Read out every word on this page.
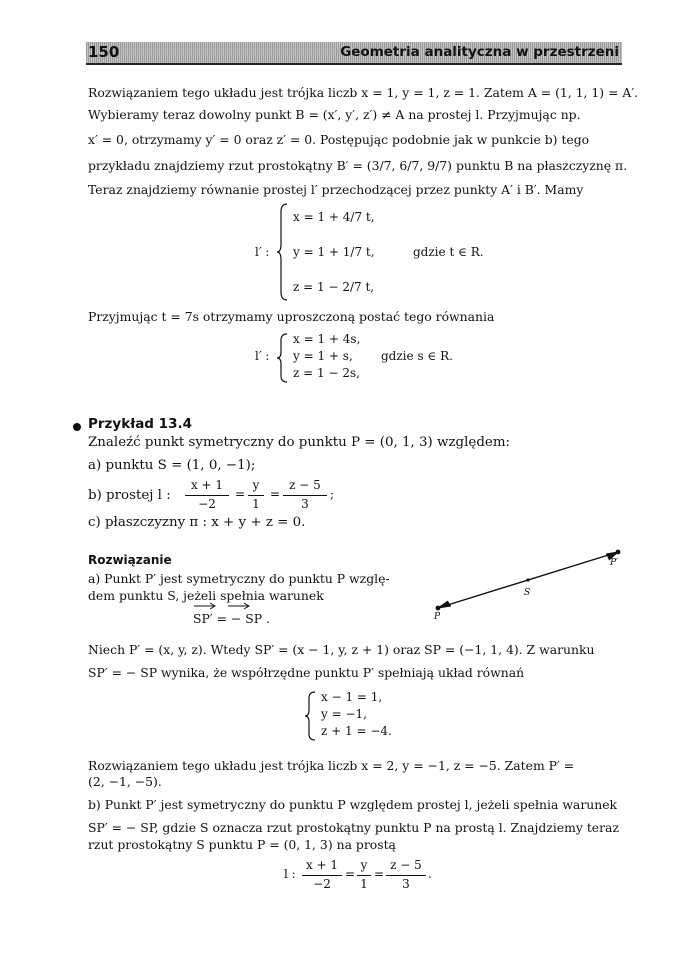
150	Geometria analityczna w przestrzeni
Rozwiązaniem tego układu jest trójka liczb x = 1, y = 1, z = 1. Zatem A = (1, 1, 1) = A′.
Wybieramy teraz dowolny punkt B = (x′, y′, z′) ≠ A na prostej l. Przyjmując np.
x′ = 0, otrzymamy y′ = 0 oraz z′ = 0. Postępując podobnie jak w punkcie b) tego
przykładu znajdziemy rzut prostokątny B′ = (3/7, 6/7, 9/7) punktu B na płaszczyznę π.
Teraz znajdziemy równanie prostej l′ przechodzącej przez punkty A′ i B′. Mamy
l′ :
x = 1 + 4/7 t,
y = 1 + 1/7 t,
z = 1 − 2/7 t,
gdzie t ∈ R.
Przyjmując t = 7s otrzymamy uproszczoną postać tego równania
l′ :
x = 1 + 4s,
y = 1 + s,
z = 1 − 2s,
gdzie s ∈ R.
Przykład 13.4
Znaleźć punkt symetryczny do punktu P = (0, 1, 3) względem:
a) punktu S = (1, 0, −1);
b) prostej l :
x + 1
−2
=
y
1
=
z − 5
3
;
c) płaszczyzny π : x + y + z = 0.
Rozwiązanie
a) Punkt P′ jest symetryczny do punktu P wzglę-
dem punktu S, jeżeli spełnia warunek
SP′ = − SP .	P
S
P′
Niech P′ = (x, y, z). Wtedy SP′ = (x − 1, y, z + 1) oraz SP = (−1, 1, 4). Z warunku
SP′ = − SP wynika, że współrzędne punktu P′ spełniają układ równań
x − 1 = 1,
y = −1,
z + 1 = −4.
Rozwiązaniem tego układu jest trójka liczb x = 2, y = −1, z = −5. Zatem P′ =
(2, −1, −5).
b) Punkt P′ jest symetryczny do punktu P względem prostej l, jeżeli spełnia warunek
SP′ = − SP, gdzie S oznacza rzut prostokątny punktu P na prostą l. Znajdziemy teraz
rzut prostokątny S punktu P = (0, 1, 3) na prostą
l :
x + 1
−2
=
y
1
=
z − 5
3
.
